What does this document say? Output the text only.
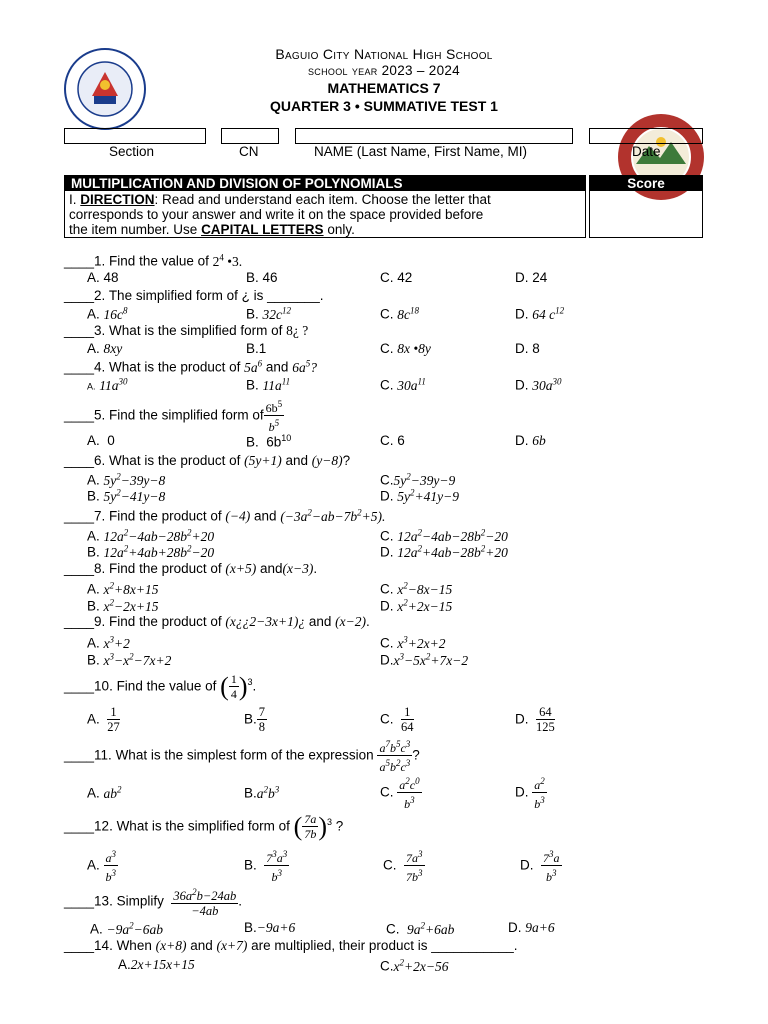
Baguio City National High School
school year 2023 – 2024
MATHEMATICS 7
QUARTER 3 • SUMMATIVE TEST 1
Section	CN	NAME (Last Name, First Name, MI)	Date
MULTIPLICATION AND DIVISION OF POLYNOMIALS
I. DIRECTION: Read and understand each item. Choose the letter that
corresponds to your answer and write it on the space provided before
the item number. Use CAPITAL LETTERS only.
Score
____1. Find the value of $2^4$ •3.
A. 48	B. 46	C. 42	D. 24
____2. The simplified form of ¿ is _______.
A. $16c^8$	B. $32c^{12}$	C. $8c^{18}$	D. 64 $c^{12}$
____3. What is the simplified form of 8¿ ?
A. 8xy	B.1	C. 8x •8y	D. 8
____4. What is the product of $5a^6$ and $6a^5$?
A. $11a^{30}$	B. $11a^{11}$	C. $30a^{11}$	D. $30a^{30}$
____5. Find the simplified form of $\frac{6b^5}{b^5}$
A. 0	B.  $6b^{10}$	C. 6	D. 6b
____6. What is the product of (5y+1) and (y−8)?
A. $5y^2-39y-8$
B. $5y^2-41y-8$
$C.5y^2-39y-9$
D. $5y^2+41y-9$
____7. Find the product of (−4) and $(-3a^2-ab-7b^2+5)$.
A. $12a^2-4ab-28b^2+20$
B. $12a^2+4ab+28b^2-20$
C. $12a^2-4ab-28b^2-20$
D. $12a^2+4ab-28b^2+20$
____8. Find the product of (x+5) and(x−3).
A. $x^2+8x+15$
B. $x^2-2x+15$
C. $x^2-8x-15$
D. $x^2+2x-15$
____9. Find the product of (x¿¿2−3x+1)¿ and (x−2).
A. $x^3+2$
B. $x^3-x^2-7x+2$
C. $x^3+2x+2$
$D.x^3-5x^2+7x-2$
____10. Find the value of ( $\frac{1}{4} )^3$.
A. $\frac{1}{27}$	B. $\frac{7}{8}$	C. $\frac{1}{64}$	D. $\frac{64}{125}$
____11. What is the simplest form of the expression $\frac{a^7b^5c^3}{a^5b^2c^3}$ ?
A. $ab^2$	$B.a^2b^3$	C. $\frac{a^2c^0}{b^3}$	D. $\frac{a^2}{b^3}$
____12. What is the simplified form of ( $\frac{7a}{7b} )^3$ ?
A. $\frac{a^3}{b^3}$	B. $\frac{7^3a^3}{b^3}$	C. $\frac{7a^3}{7b^3}$	D. $\frac{7^3a}{b^3}$
____13. Simplify $\frac{36a^2b-24ab}{-4ab}$ .
A. $-9a^2-6ab$	B.−9a+6	C. $9a^2+6ab$	D. 9a+6
____14. When (x+8) and (x+7) are multiplied, their product is ___________.
A.2x+15x+15	$C.x^2+2x-56$
